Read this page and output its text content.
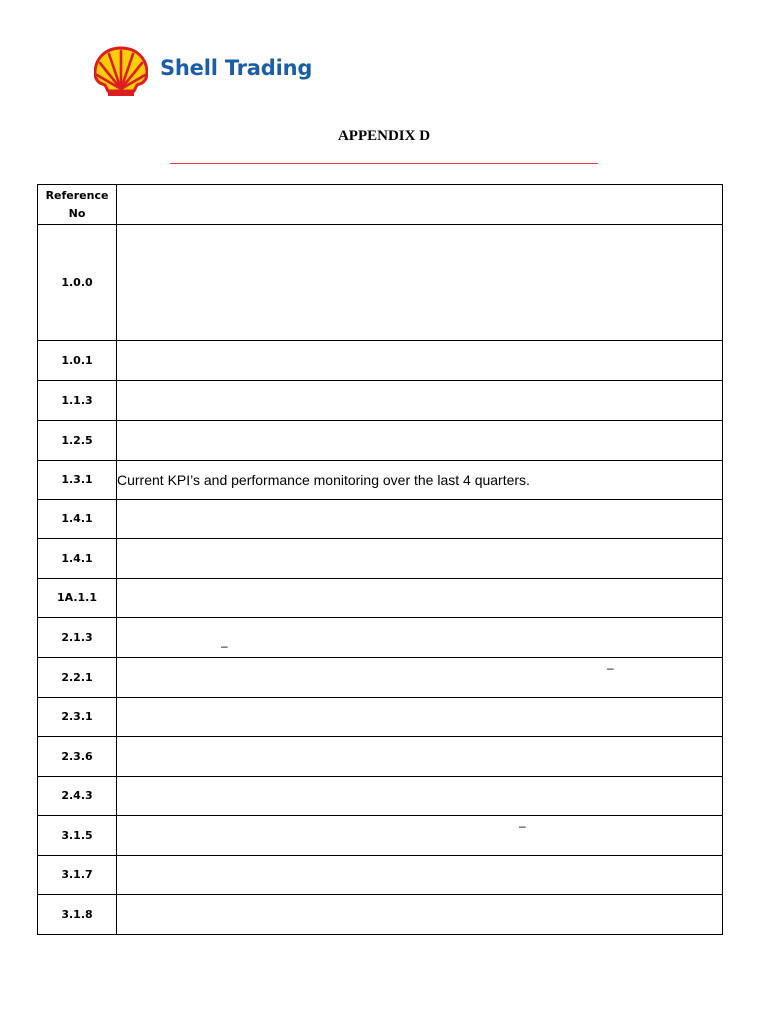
Shell Trading
APPENDIX D
Reference No	
1.0.0	
1.0.1	
1.1.3	
1.2.5	
1.3.1	Current KPI’s and performance monitoring over the last 4 quarters.
1.4.1	
1.4.1	
1A.1.1	
2.1.3	–

2.2.1	–

2.3.1	
2.3.6	
2.4.3	
3.1.5	–

3.1.7	
3.1.8	
